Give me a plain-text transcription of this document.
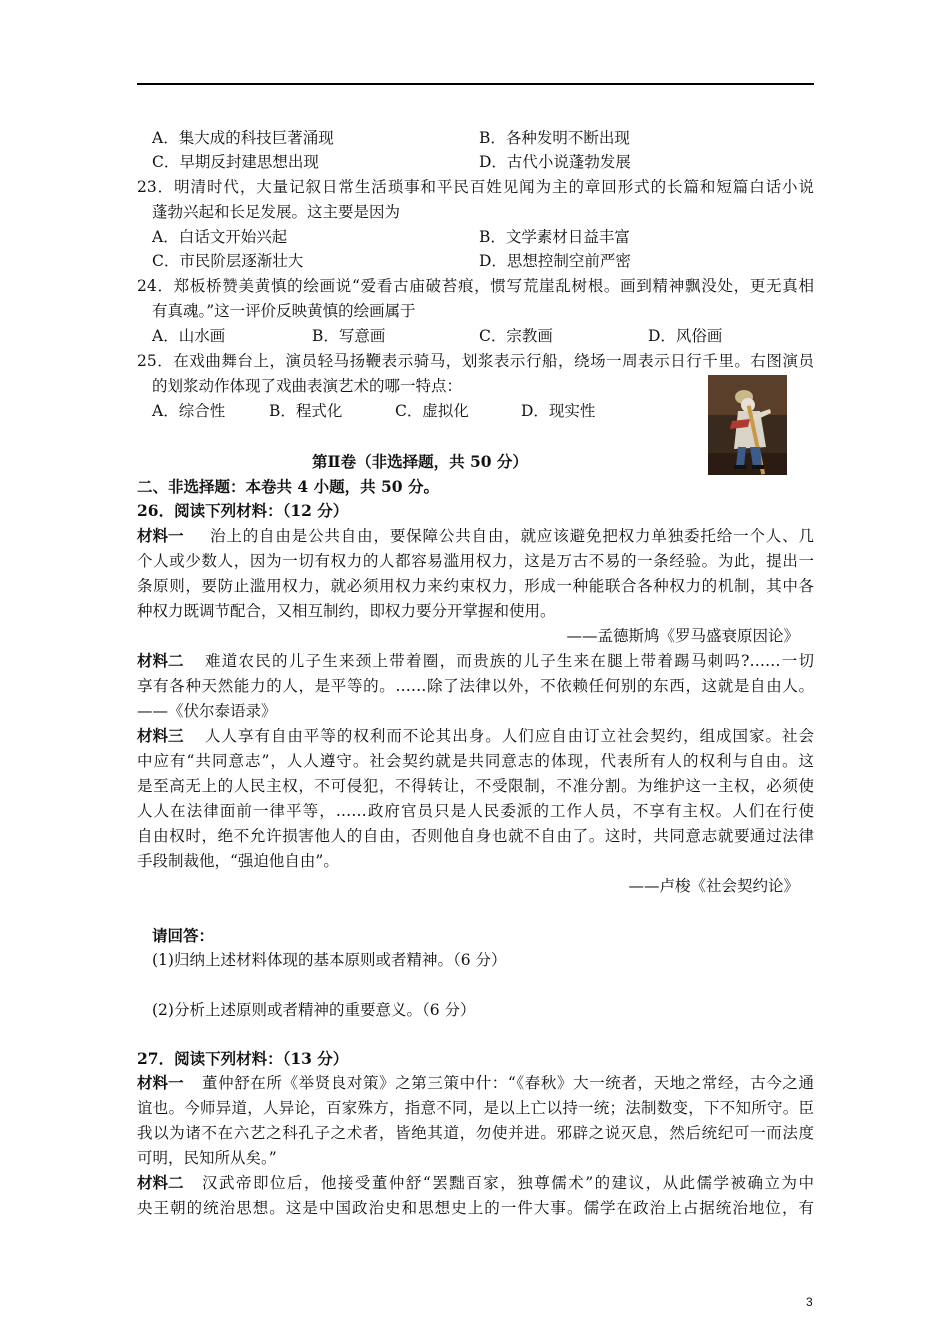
A．集大成的科技巨著涌现	B．各种发明不断出现
C．早期反封建思想出现	D．古代小说蓬勃发展
23．明清时代，大量记叙日常生活琐事和平民百姓见闻为主的章回形式的长篇和短篇白话小说
蓬勃兴起和长足发展。这主要是因为
A．白话文开始兴起	B．文学素材日益丰富
C．市民阶层逐渐壮大	D．思想控制空前严密
24．郑板桥赞美黄慎的绘画说“爱看古庙破苔痕，惯写荒崖乱树根。画到精神飘没处，更无真相
有真魂。”这一评价反映黄慎的绘画属于
A．山水画	B．写意画	C．宗教画	D．风俗画
25．在戏曲舞台上，演员轻马扬鞭表示骑马，划浆表示行船，绕场一周表示日行千里。右图演员
的划浆动作体现了戏曲表演艺术的哪一特点：
A．综合性	B．程式化	C．虚拟化	D．现实性
第Ⅱ卷（非选择题，共 50 分）
二、非选择题：本卷共 4 小题，共 50 分。
26．阅读下列材料：（12 分）
材料一 治上的自由是公共自由，要保障公共自由，就应该避免把权力单独委托给一个人、几
个人或少数人，因为一切有权力的人都容易滥用权力，这是万古不易的一条经验。为此，提出一
条原则，要防止滥用权力，就必须用权力来约束权力，形成一种能联合各种权力的机制，其中各
种权力既调节配合，又相互制约，即权力要分开掌握和使用。
——孟德斯鸠《罗马盛衰原因论》
材料二 难道农民的儿子生来颈上带着圈，而贵族的儿子生来在腿上带着踢马刺吗?……一切
享有各种天然能力的人，是平等的。……除了法律以外，不依赖任何别的东西，这就是自由人。
——《伏尔泰语录》
材料三 人人享有自由平等的权利而不论其出身。人们应自由订立社会契约，组成国家。社会
中应有“共同意志”，人人遵守。社会契约就是共同意志的体现，代表所有人的权利与自由。这
是至高无上的人民主权，不可侵犯，不得转让，不受限制，不准分割。为维护这一主权，必须使
人人在法律面前一律平等，……政府官员只是人民委派的工作人员，不享有主权。人们在行使
自由权时，绝不允许损害他人的自由，否则他自身也就不自由了。这时，共同意志就要通过法律
手段制裁他，“强迫他自由”。
——卢梭《社会契约论》
请回答：
(1)归纳上述材料体现的基本原则或者精神。（6 分）
(2)分析上述原则或者精神的重要意义。（6 分）
27．阅读下列材料：（13 分）
材料一 董仲舒在所《举贤良对策》之第三策中什：“《春秋》大一统者，天地之常经，古今之通
谊也。今师异道，人异论，百家殊方，指意不同，是以上亡以持一统；法制数变，下不知所守。臣
我以为诸不在六艺之科孔子之术者，皆绝其道，勿使并进。邪辟之说灭息，然后统纪可一而法度
可明，民知所从矣。”
材料二 汉武帝即位后，他接受董仲舒“罢黜百家，独尊儒术”的建议，从此儒学被确立为中
央王朝的统治思想。这是中国政治史和思想史上的一件大事。儒学在政治上占据统治地位，有
3
